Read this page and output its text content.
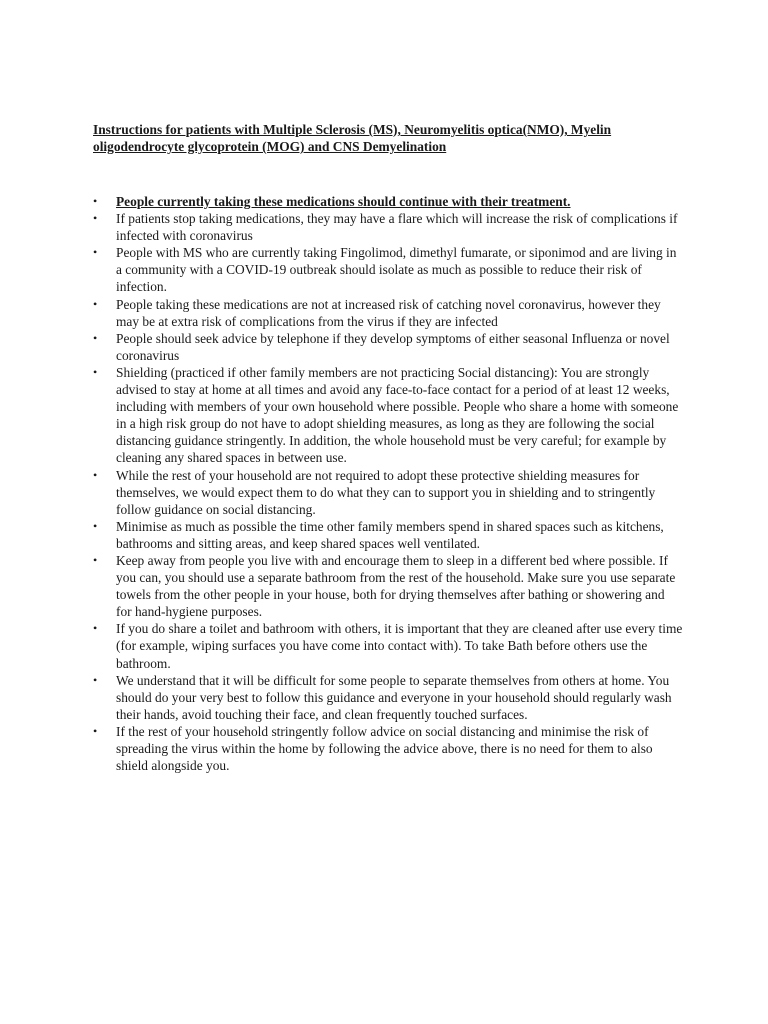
Instructions for patients with Multiple Sclerosis (MS), Neuromyelitis optica(NMO), Myelin oligodendrocyte glycoprotein (MOG) and CNS Demyelination
• People currently taking these medications should continue with their treatment.
• If patients stop taking medications, they may have a flare which will increase the risk of complications if infected with coronavirus
• People with MS who are currently taking Fingolimod, dimethyl fumarate, or siponimod and are living in a community with a COVID-19 outbreak should isolate as much as possible to reduce their risk of infection.
• People taking these medications are not at increased risk of catching novel coronavirus, however they may be at extra risk of complications from the virus if they are infected
• People should seek advice by telephone if they develop symptoms of either seasonal Influenza or novel coronavirus
• Shielding (practiced if other family members are not practicing Social distancing): You are strongly advised to stay at home at all times and avoid any face-to-face contact for a period of at least 12 weeks, including with members of your own household where possible. People who share a home with someone in a high risk group do not have to adopt shielding measures, as long as they are following the social distancing guidance stringently. In addition, the whole household must be very careful; for example by cleaning any shared spaces in between use.
• While the rest of your household are not required to adopt these protective shielding measures for themselves, we would expect them to do what they can to support you in shielding and to stringently follow guidance on social distancing.
• Minimise as much as possible the time other family members spend in shared spaces such as kitchens, bathrooms and sitting areas, and keep shared spaces well ventilated.
• Keep away from people you live with and encourage them to sleep in a different bed where possible. If you can, you should use a separate bathroom from the rest of the household. Make sure you use separate towels from the other people in your house, both for drying themselves after bathing or showering and for hand-hygiene purposes.
• If you do share a toilet and bathroom with others, it is important that they are cleaned after use every time (for example, wiping surfaces you have come into contact with). To take Bath before others use the bathroom.
• We understand that it will be difficult for some people to separate themselves from others at home. You should do your very best to follow this guidance and everyone in your household should regularly wash their hands, avoid touching their face, and clean frequently touched surfaces.
• If the rest of your household stringently follow advice on social distancing and minimise the risk of spreading the virus within the home by following the advice above, there is no need for them to also shield alongside you.
